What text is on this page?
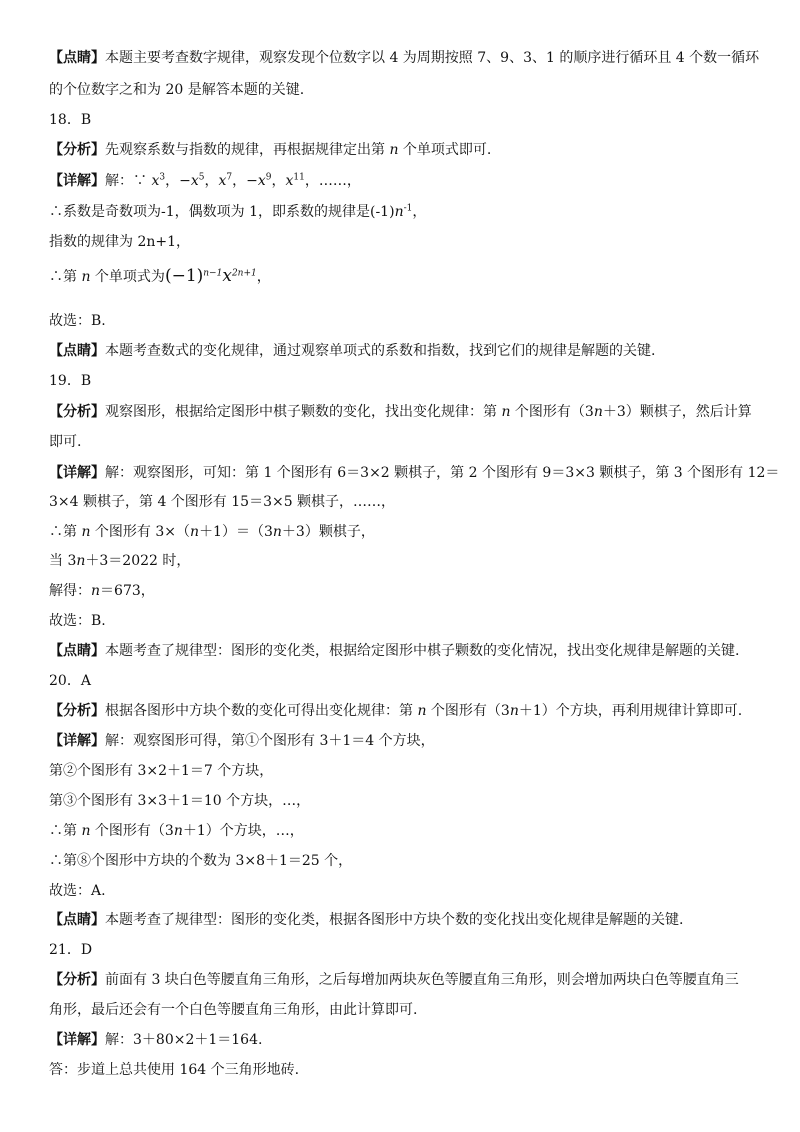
【点睛】本题主要考查数字规律，观察发现个位数字以 4 为周期按照 7、9、3、1 的顺序进行循环且 4 个数一循环
的个位数字之和为 20 是解答本题的关键.
18．B
【分析】先观察系数与指数的规律，再根据规律定出第 n 个单项式即可.
【详解】解：∵ $x^3$，$-x^5$，$x^7$，$-x^9$，$x^{11}$，……，
∴系数是奇数项为-1，偶数项为 1，即系数的规律是$(-1)n^{-1}$，
指数的规律为 2n+1，
∴第 n 个单项式为$(-1)^{n-1}x^{2n+1}$，
故选：B.
【点睛】本题考查数式的变化规律，通过观察单项式的系数和指数，找到它们的规律是解题的关键.
19．B
【分析】观察图形，根据给定图形中棋子颗数的变化，找出变化规律：第 n 个图形有（3n＋3）颗棋子，然后计算
即可.
【详解】解：观察图形，可知：第 1 个图形有 6＝3×2 颗棋子，第 2 个图形有 9＝3×3 颗棋子，第 3 个图形有 12＝
3×4 颗棋子，第 4 个图形有 15＝3×5 颗棋子，……，
∴第 n 个图形有 3×（n＋1）＝（3n＋3）颗棋子，
当 3n＋3＝2022 时，
解得：n＝673，
故选：B.
【点睛】本题考查了规律型：图形的变化类，根据给定图形中棋子颗数的变化情况，找出变化规律是解题的关键.
20．A
【分析】根据各图形中方块个数的变化可得出变化规律：第 n 个图形有（3n＋1）个方块，再利用规律计算即可.
【详解】解：观察图形可得，第①个图形有 3＋1＝4 个方块，
第②个图形有 3×2＋1＝7 个方块，
第③个图形有 3×3＋1＝10 个方块，…，
∴第 n 个图形有（3n＋1）个方块，…，
∴第⑧个图形中方块的个数为 3×8＋1＝25 个，
故选：A.
【点睛】本题考查了规律型：图形的变化类，根据各图形中方块个数的变化找出变化规律是解题的关键.
21．D
【分析】前面有 3 块白色等腰直角三角形，之后每增加两块灰色等腰直角三角形，则会增加两块白色等腰直角三
角形，最后还会有一个白色等腰直角三角形，由此计算即可.
【详解】解：3＋80×2＋1＝164.
答：步道上总共使用 164 个三角形地砖.
